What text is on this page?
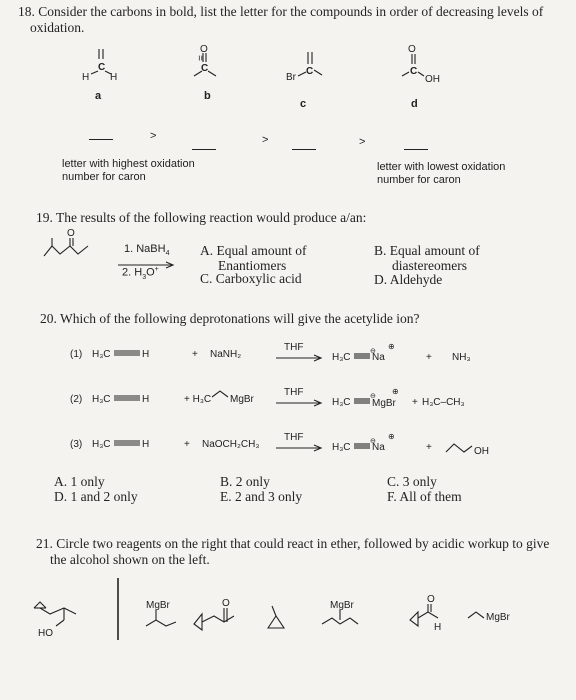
18. Consider the carbons in bold, list the letter for the compounds in order of decreasing levels of
oxidation.
C
H H
a
O
=
C
b
C
Br
c
O
C
OH
d
>	>	>
letter with highest oxidation
number for caron
letter with lowest oxidation
number for caron
19. The results of the following reaction would produce a/an:
O
1. NaBH$_4$
2. $H_3O^+$
A. Equal amount of
Enantiomers
C. Carboxylic acid
B. Equal amount of
diastereomers
D. Aldehyde
20. Which of the following deprotonations will give the acetylide ion?
(1) H₃C	H	+ NaNH₂
THF
H₃C
⊖
Na
⊕
+ NH₃
(2) H₃C	H	+ H₃C MgBr
THF
H₃C
⊖
MgBr
⊕
+ H₃C–CH₃
(3) H₃C	H	+ NaOCH₂CH₃
THF
H₃C
⊖
Na
⊕
+	OH
A. 1 only
D. 1 and 2 only
B. 2 only
E. 2 and 3 only
C. 3 only
F. All of them
21. Circle two reagents on the right that could react in ether, followed by acidic workup to give
the alcohol shown on the left.
HO
MgBr	O	MgBr
O
H
MgBr
